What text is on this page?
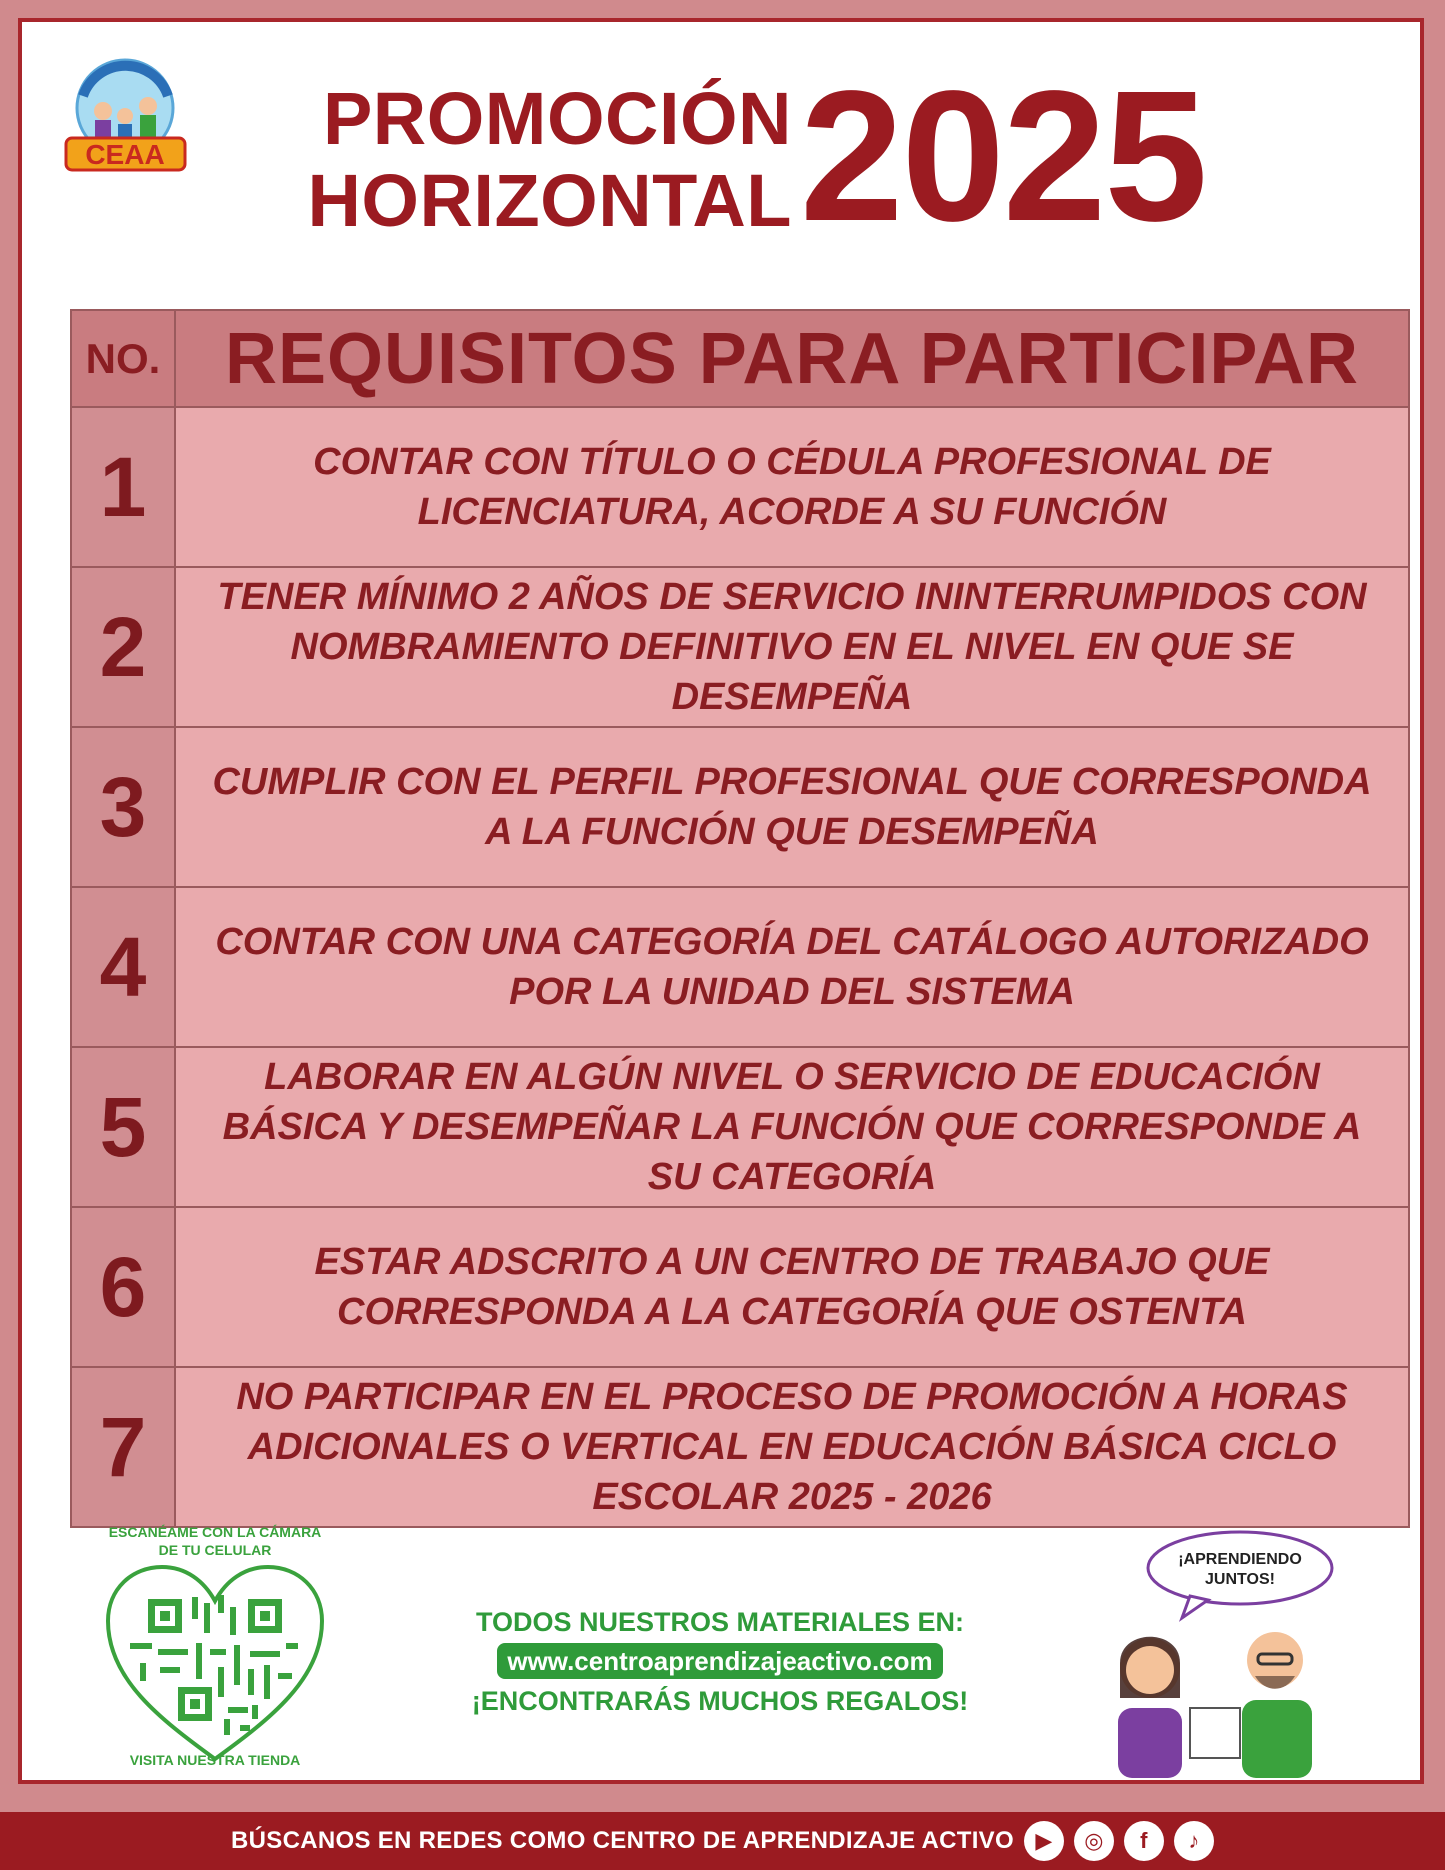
CEAA	PROMOCIÓN
HORIZONTAL 2025
NO.	REQUISITOS PARA PARTICIPAR
1	CONTAR CON TÍTULO O CÉDULA PROFESIONAL DE LICENCIATURA, ACORDE A SU FUNCIÓN
2	TENER MÍNIMO 2 AÑOS DE SERVICIO ININTERRUMPIDOS CON NOMBRAMIENTO DEFINITIVO EN EL NIVEL EN QUE SE DESEMPEÑA
3	CUMPLIR CON EL PERFIL PROFESIONAL QUE CORRESPONDA A LA FUNCIÓN QUE DESEMPEÑA
4	CONTAR CON UNA CATEGORÍA DEL CATÁLOGO AUTORIZADO POR LA UNIDAD DEL SISTEMA
5	LABORAR EN ALGÚN NIVEL O SERVICIO DE EDUCACIÓN BÁSICA Y DESEMPEÑAR LA FUNCIÓN QUE CORRESPONDE A SU CATEGORÍA
6	ESTAR ADSCRITO A UN CENTRO DE TRABAJO QUE CORRESPONDA A LA CATEGORÍA QUE OSTENTA
7	NO PARTICIPAR EN EL PROCESO DE PROMOCIÓN A HORAS ADICIONALES O VERTICAL EN EDUCACIÓN BÁSICA CICLO ESCOLAR 2025 - 2026
ESCANÉAME CON LA CÁMARA DE TU CELULAR
VISITA NUESTRA TIENDA
TODOS NUESTROS MATERIALES EN:
www.centroaprendizajeactivo.com
¡ENCONTRARÁS MUCHOS REGALOS!
¡APRENDIENDO
JUNTOS!
BÚSCANOS EN REDES COMO CENTRO DE APRENDIZAJE ACTIVO ▶	◎	f	♪
